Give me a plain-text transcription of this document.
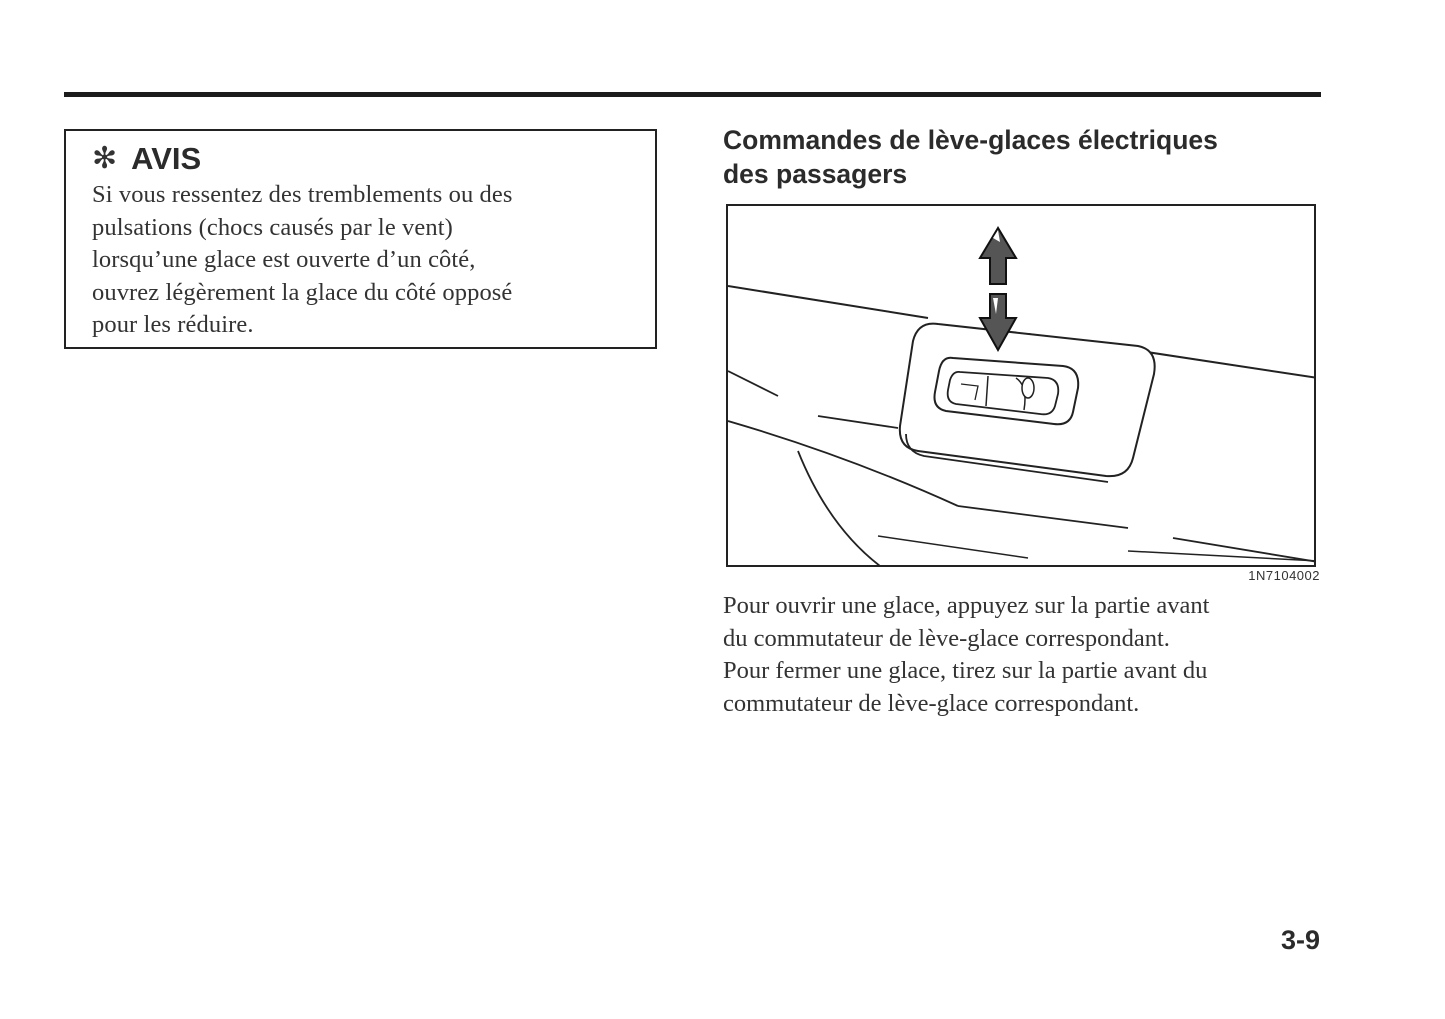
✻ AVIS

Si vous ressentez des tremblements ou des
pulsations (chocs causés par le vent)
lorsqu’une glace est ouverte d’un côté,
ouvrez légèrement la glace du côté opposé
pour les réduire.

Commandes de lève-glaces électriques
des passagers
1N7104002

Pour ouvrir une glace, appuyez sur la partie avant
du commutateur de lève-glace correspondant.
Pour fermer une glace, tirez sur la partie avant du
commutateur de lève-glace correspondant.

3-9
